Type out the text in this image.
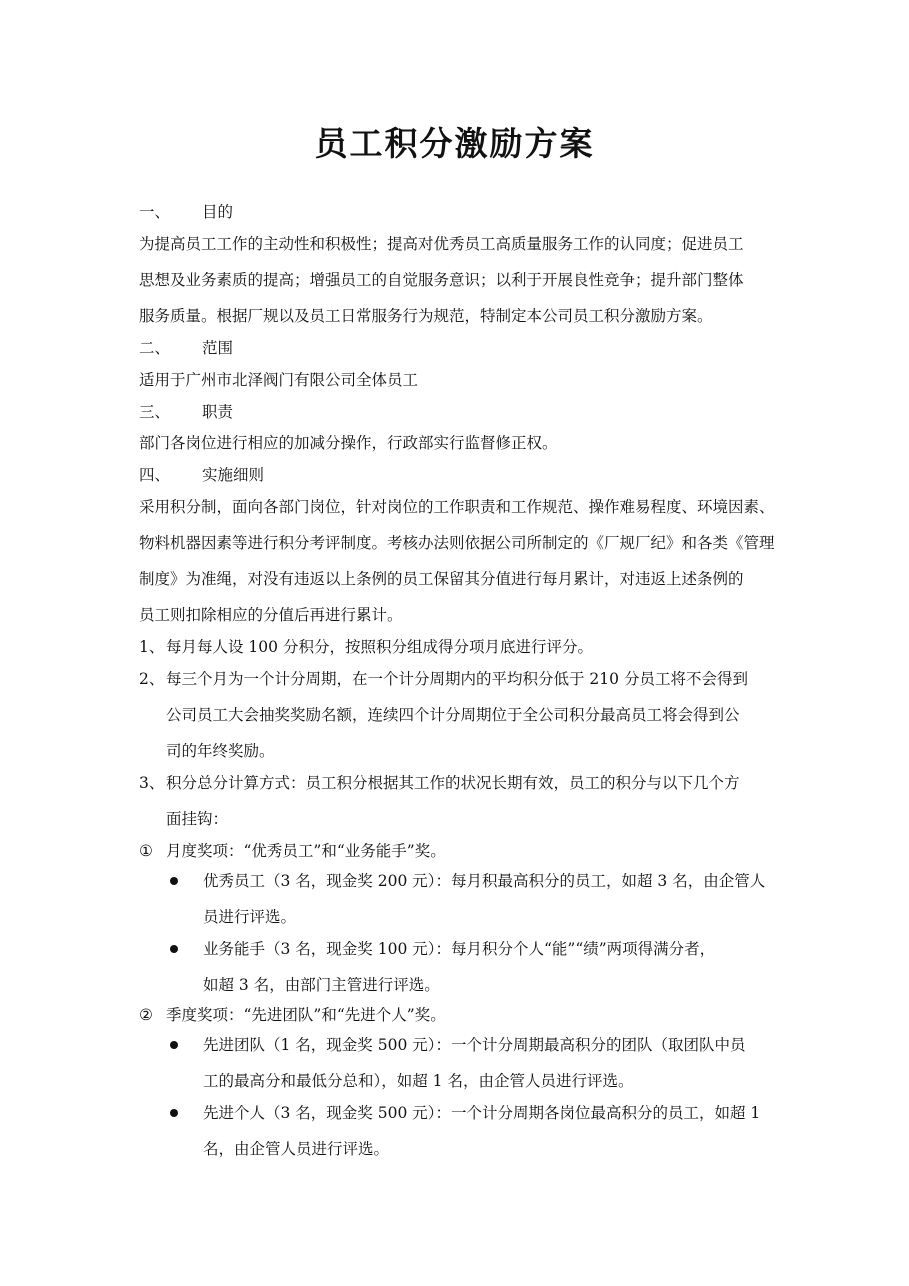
员工积分激励方案
一、 目的
为提高员工工作的主动性和积极性；提高对优秀员工高质量服务工作的认同度；促进员工
思想及业务素质的提高；增强员工的自觉服务意识；以利于开展良性竞争；提升部门整体
服务质量。根据厂规以及员工日常服务行为规范，特制定本公司员工积分激励方案。
二、 范围
适用于广州市北泽阀门有限公司全体员工
三、 职责
部门各岗位进行相应的加减分操作，行政部实行监督修正权。
四、 实施细则
采用积分制，面向各部门岗位，针对岗位的工作职责和工作规范、操作难易程度、环境因素、
物料机器因素等进行积分考评制度。考核办法则依据公司所制定的《厂规厂纪》和各类《管理
制度》为准绳，对没有违返以上条例的员工保留其分值进行每月累计，对违返上述条例的
员工则扣除相应的分值后再进行累计。
1、 每月每人设 100 分积分，按照积分组成得分项月底进行评分。
2、 每三个月为一个计分周期，在一个计分周期内的平均积分低于 210 分员工将不会得到
公司员工大会抽奖奖励名额，连续四个计分周期位于全公司积分最高员工将会得到公
司的年终奖励。
3、 积分总分计算方式：员工积分根据其工作的状况长期有效，员工的积分与以下几个方
面挂钩：
① 月度奖项：“优秀员工”和“业务能手”奖。
优秀员工（3 名，现金奖 200 元）：每月积最高积分的员工，如超 3 名，由企管人
员进行评选。
业务能手（3 名，现金奖 100 元）：每月积分个人“能”“绩”两项得满分者，
如超 3 名，由部门主管进行评选。
② 季度奖项：“先进团队”和“先进个人”奖。
先进团队（1 名，现金奖 500 元）：一个计分周期最高积分的团队（取团队中员
工的最高分和最低分总和），如超 1 名，由企管人员进行评选。
先进个人（3 名，现金奖 500 元）：一个计分周期各岗位最高积分的员工，如超 1
名，由企管人员进行评选。
